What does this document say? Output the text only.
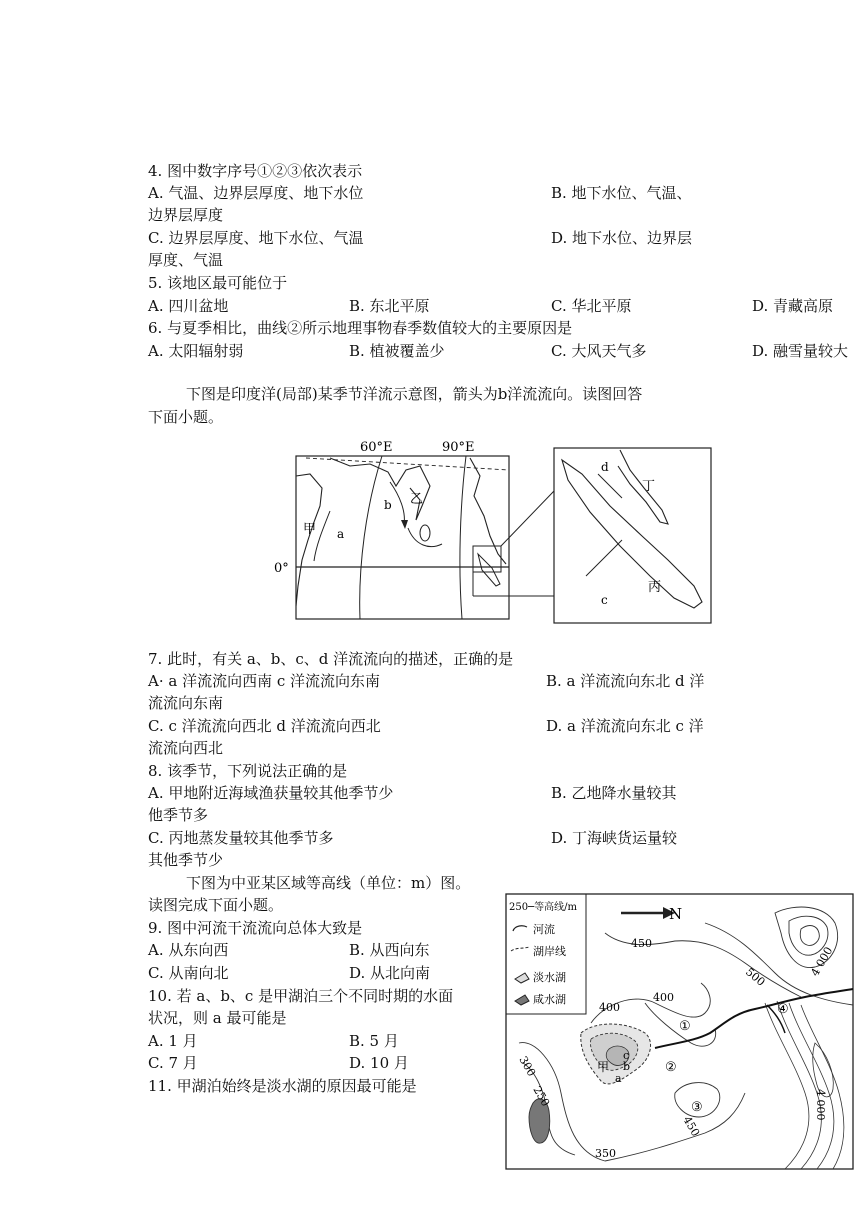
4. 图中数字序号①②③依次表示
A. 气温、边界层厚度、地下水位	B. 地下水位、气温、
边界层厚度
C. 边界层厚度、地下水位、气温	D. 地下水位、边界层
厚度、气温
5. 该地区最可能位于
A. 四川盆地	B. 东北平原	C. 华北平原	D. 青藏高原
6. 与夏季相比，曲线②所示地理事物春季数值较大的主要原因是
A. 太阳辐射弱	B. 植被覆盖少	C. 大风天气多	D. 融雪量较大
下图是印度洋(局部)某季节洋流示意图，箭头为b洋流流向。读图回答
下面小题。
60°E	90°E
0°
甲
乙
a
b
d
丁
丙
c
7. 此时，有关 a、b、c、d 洋流流向的描述，正确的是
A· a 洋流流向西南 c 洋流流向东南	B. a 洋流流向东北 d 洋
流流向东南
C. c 洋流流向西北 d 洋流流向西北	D. a 洋流流向东北 c 洋
流流向西北
8. 该季节，下列说法正确的是
A. 甲地附近海域渔获量较其他季节少	B. 乙地降水量较其
他季节多
C. 丙地蒸发量较其他季节多	D. 丁海峡货运量较
其他季节少
下图为中亚某区域等高线（单位：m）图。
读图完成下面小题。
9. 图中河流干流流向总体大致是
A. 从东向西	B. 从西向东
C. 从南向北	D. 从北向南
10. 若 a、b、c 是甲湖泊三个不同时期的水面
状况，则 a 最可能是
A. 1 月	B. 5 月
C. 7 月	D. 10 月
11. 甲湖泊始终是淡水湖的原因最可能是
250─等高线/m
河流
湖岸线
淡水湖
咸水湖
N
450
500	4 000
400
400
300
250
350
450
4 000
①
②
③
④
甲
a
b
c
